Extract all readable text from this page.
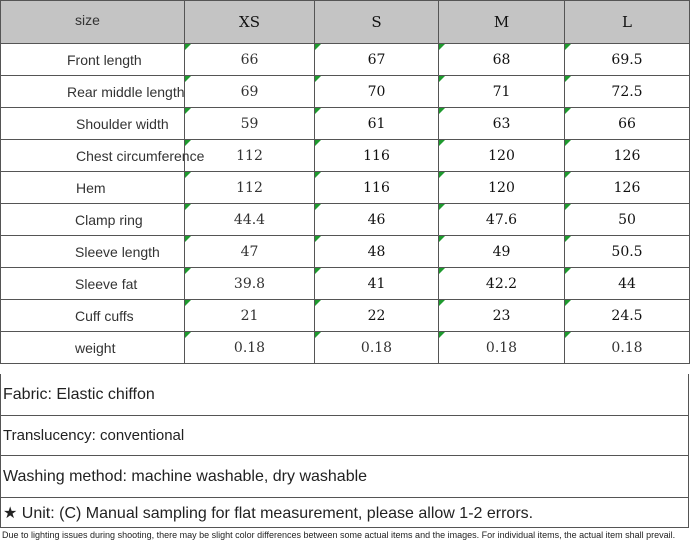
size	XS	S	M	L

Front length	66	67	68	69.5

Rear middle length	69	70	71	72.5

Shoulder width	59	61	63	66

Chest circumference	112	116	120	126

Hem	112	116	120	126

Clamp ring	44.4	46	47.6	50

Sleeve length	47	48	49	50.5

Sleeve fat	39.8	41	42.2	44

Cuff cuffs	21	22	23	24.5

weight	0.18	0.18	0.18	0.18
Fabric: Elastic chiffon
Translucency: conventional
Washing method: machine washable, dry washable
★ Unit: (C) Manual sampling for flat measurement, please allow 1-2 errors.
Due to lighting issues during shooting, there may be slight color differences between some actual items and the images. For individual items, the actual item shall prevail.
